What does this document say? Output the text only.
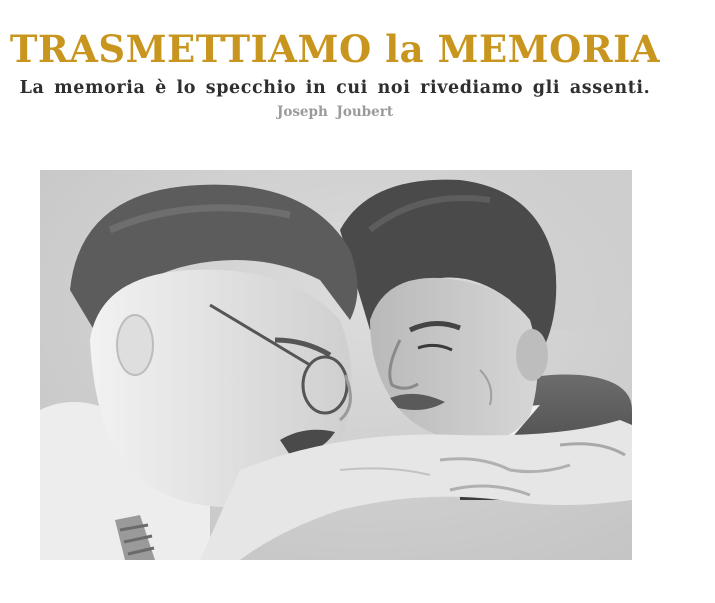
TRASMETTIAMO la MEMORIA

La memoria è lo specchio in cui noi rivediamo gli assenti.

Joseph Joubert
